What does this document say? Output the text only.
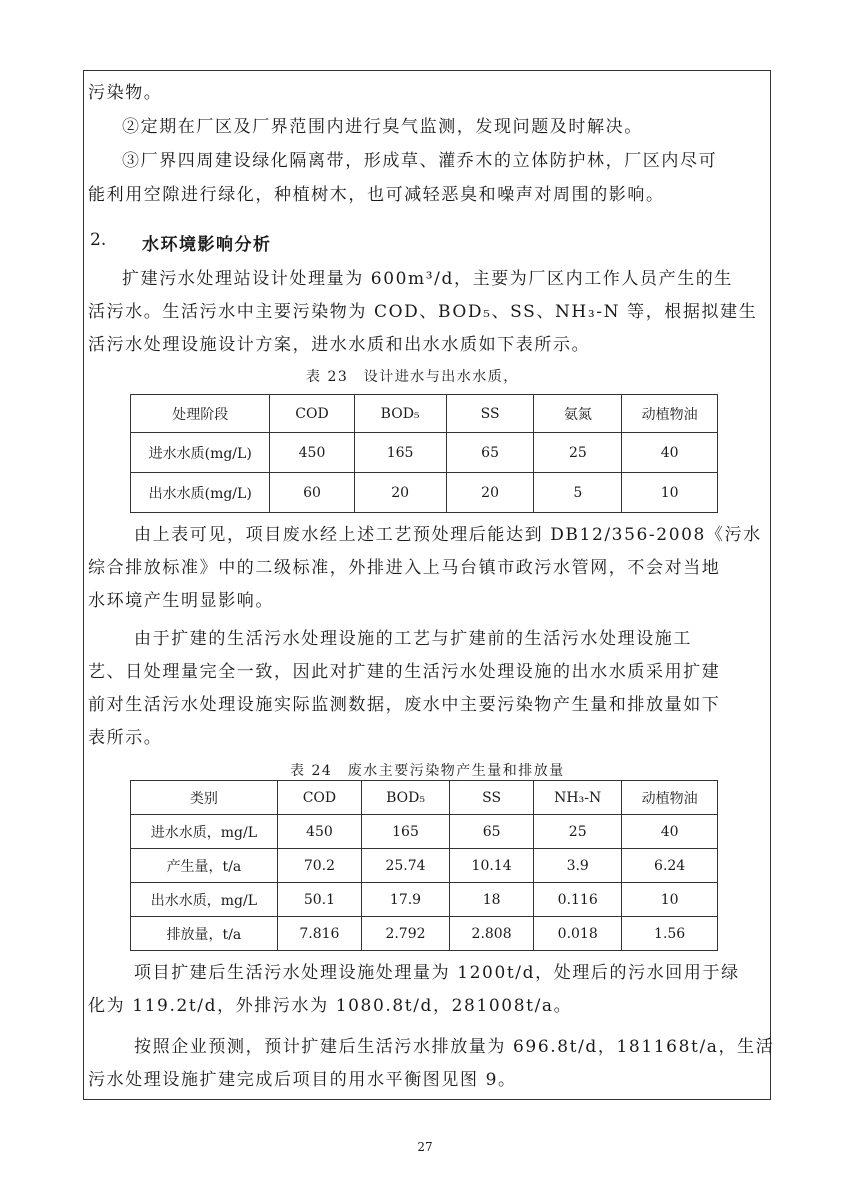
污染物。
②定期在厂区及厂界范围内进行臭气监测，发现问题及时解决。
③厂界四周建设绿化隔离带，形成草、灌乔木的立体防护林，厂区内尽可
能利用空隙进行绿化，种植树木，也可减轻恶臭和噪声对周围的影响。
2. 水环境影响分析
扩建污水处理站设计处理量为 600m³/d，主要为厂区内工作人员产生的生
活污水。生活污水中主要污染物为 COD、BOD₅、SS、NH₃-N 等，根据拟建生
活污水处理设施设计方案，进水水质和出水水质如下表所示。
表 23　设计进水与出水水质，
处理阶段	COD	BOD₅	SS	氨氮	动植物油
进水水质(mg/L)	450	165	65	25	40
出水水质(mg/L)	60	20	20	5	10
由上表可见，项目废水经上述工艺预处理后能达到 DB12/356-2008《污水
综合排放标准》中的二级标准，外排进入上马台镇市政污水管网，不会对当地
水环境产生明显影响。
由于扩建的生活污水处理设施的工艺与扩建前的生活污水处理设施工
艺、日处理量完全一致，因此对扩建的生活污水处理设施的出水水质采用扩建
前对生活污水处理设施实际监测数据，废水中主要污染物产生量和排放量如下
表所示。
表 24　废水主要污染物产生量和排放量
类别	COD	BOD₅	SS	NH₃-N	动植物油
进水水质，mg/L	450	165	65	25	40
产生量，t/a	70.2	25.74	10.14	3.9	6.24
出水水质，mg/L	50.1	17.9	18	0.116	10
排放量，t/a	7.816	2.792	2.808	0.018	1.56
项目扩建后生活污水处理设施处理量为 1200t/d，处理后的污水回用于绿
化为 119.2t/d，外排污水为 1080.8t/d，281008t/a。
按照企业预测，预计扩建后生活污水排放量为 696.8t/d，181168t/a，生活
污水处理设施扩建完成后项目的用水平衡图见图 9。
27
